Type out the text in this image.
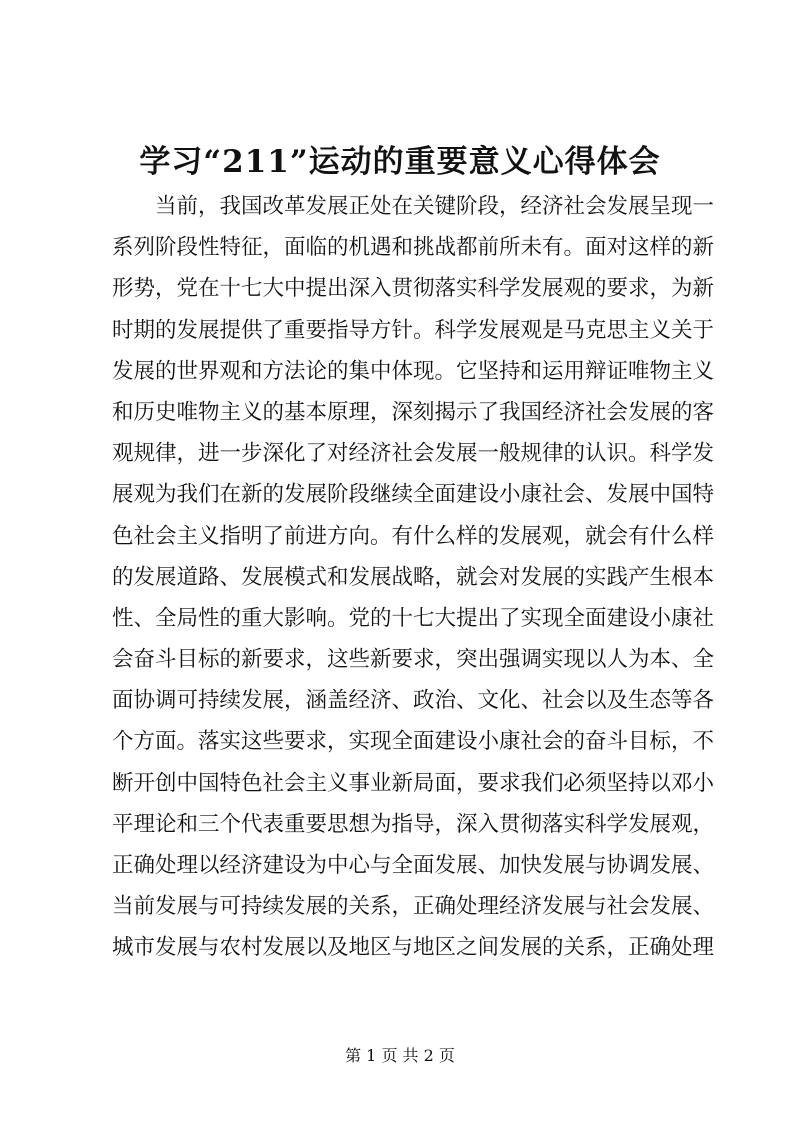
学习“211”运动的重要意义心得体会
当前，我国改革发展正处在关键阶段，经济社会发展呈现一
系列阶段性特征，面临的机遇和挑战都前所未有。面对这样的新
形势，党在十七大中提出深入贯彻落实科学发展观的要求，为新
时期的发展提供了重要指导方针。科学发展观是马克思主义关于
发展的世界观和方法论的集中体现。它坚持和运用辩证唯物主义
和历史唯物主义的基本原理，深刻揭示了我国经济社会发展的客
观规律，进一步深化了对经济社会发展一般规律的认识。科学发
展观为我们在新的发展阶段继续全面建设小康社会、发展中国特
色社会主义指明了前进方向。有什么样的发展观，就会有什么样
的发展道路、发展模式和发展战略，就会对发展的实践产生根本
性、全局性的重大影响。党的十七大提出了实现全面建设小康社
会奋斗目标的新要求，这些新要求，突出强调实现以人为本、全
面协调可持续发展，涵盖经济、政治、文化、社会以及生态等各
个方面。落实这些要求，实现全面建设小康社会的奋斗目标，不
断开创中国特色社会主义事业新局面，要求我们必须坚持以邓小
平理论和三个代表重要思想为指导，深入贯彻落实科学发展观，
正确处理以经济建设为中心与全面发展、加快发展与协调发展、
当前发展与可持续发展的关系，正确处理经济发展与社会发展、
城市发展与农村发展以及地区与地区之间发展的关系，正确处理
第 1 页 共 2 页
